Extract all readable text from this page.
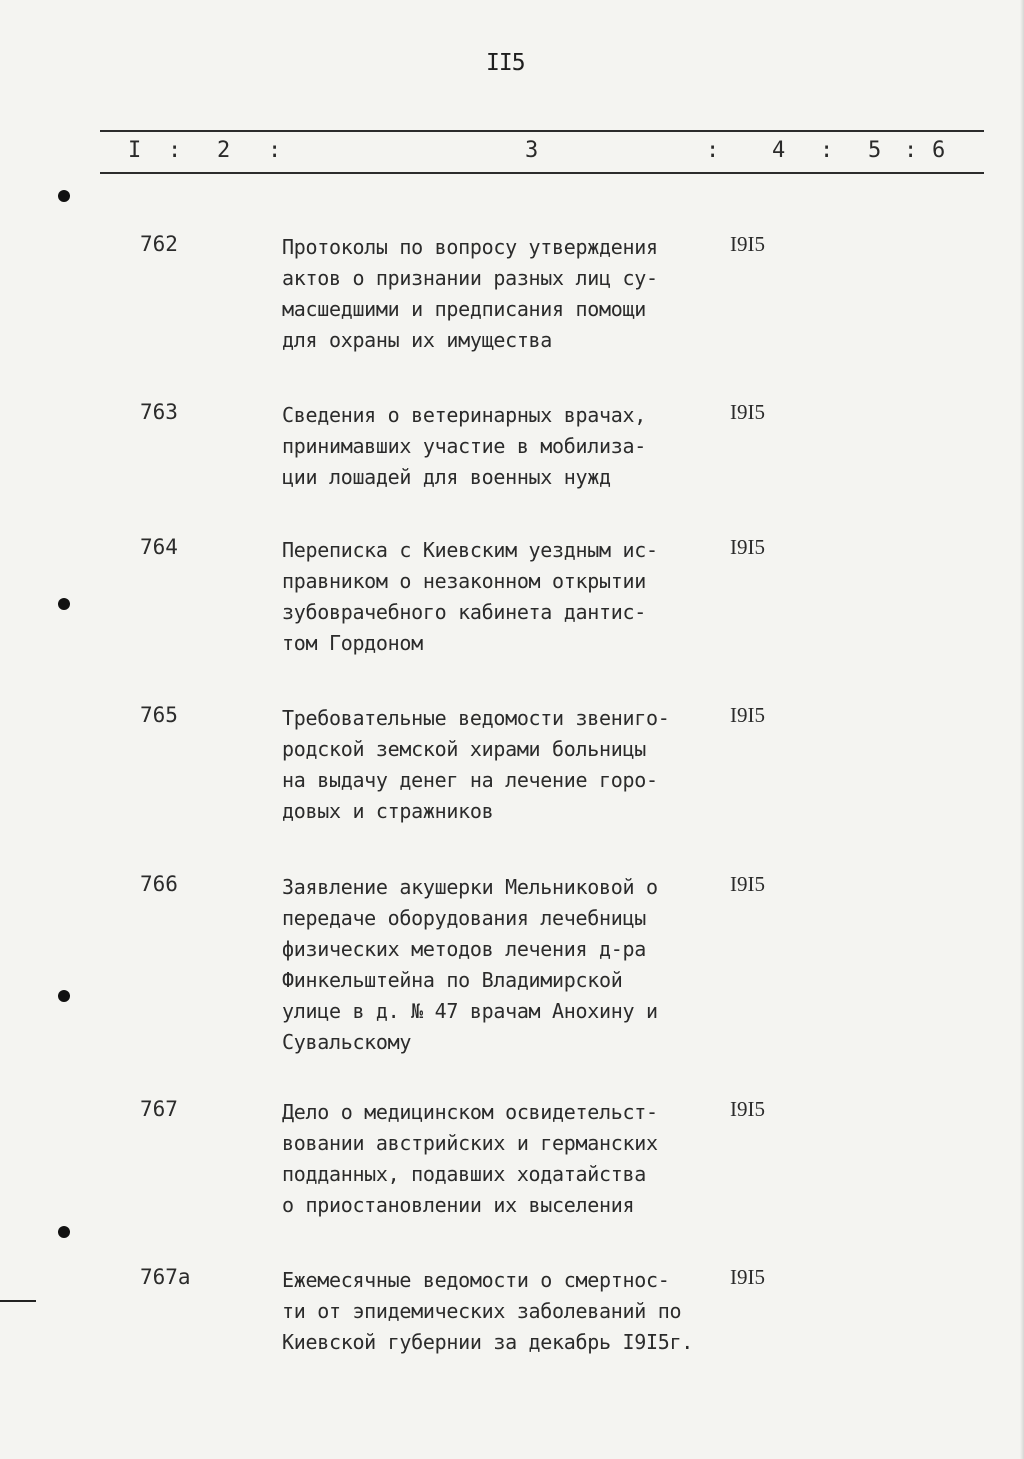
II5
I : 2 :	3	: 4 : 5 : 6
762	Протоколы по вопросу утверждения
актов о признании разных лиц су-
масшедшими и предписания помощи
для охраны их имущества
I9I5
763	Сведения о ветеринарных врачах,
принимавших участие в мобилиза-
ции лошадей для военных нужд
I9I5
764	Переписка с Киевским уездным ис-
правником о незаконном открытии
зубоврачебного кабинета дантис-
том Гордоном
I9I5
765	Требовательные ведомости звениго-
родской земской хирами больницы
на выдачу денег на лечение горо-
довых и стражников
I9I5
766	Заявление акушерки Мельниковой о
передаче оборудования лечебницы
физических методов лечения д-ра
Финкельштейна по Владимирской
улице в д. № 47 врачам Анохину и
Сувальскому
I9I5
767	Дело о медицинском освидетельст-
вовании австрийских и германских
подданных, подавших ходатайства
о приостановлении их выселения
I9I5
767а	Ежемесячные ведомости о смертнос-
ти от эпидемических заболеваний по
Киевской губернии за декабрь I9I5г.
I9I5
